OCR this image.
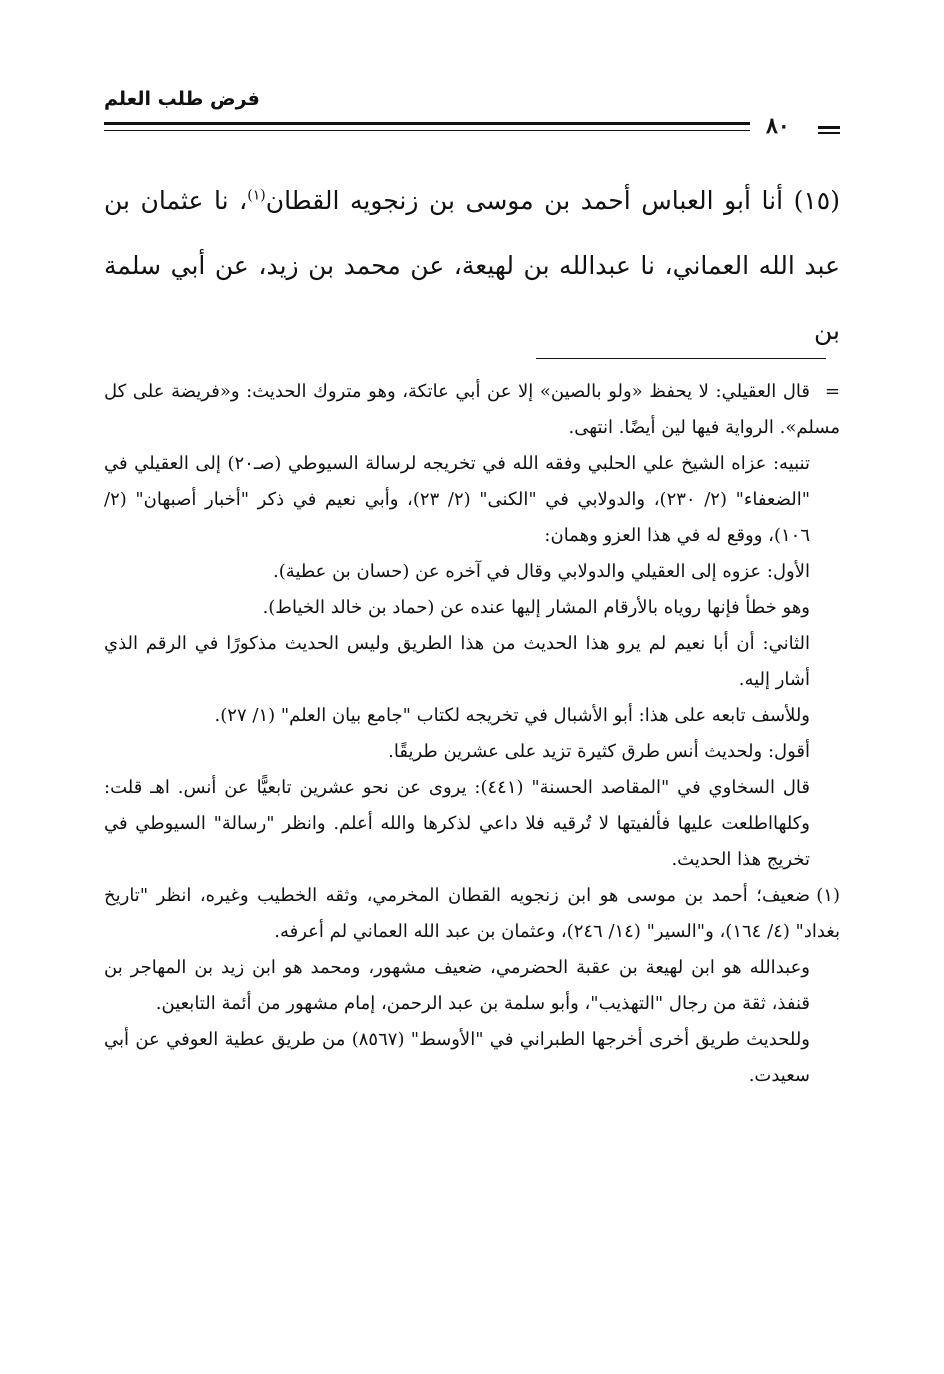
فرض طلب العلم
٨٠

(١٥) أنا أبو العباس أحمد بن موسى بن زنجويه القطان$^{(١)}$، نا عثمان بن

عبد الله العماني، نا عبدالله بن لهيعة، عن محمد بن زيد، عن أبي سلمة بن

=قال العقيلي: لا يحفظ «ولو بالصين» إلا عن أبي عاتكة، وهو متروك الحديث: و«فريضة على كل مسلم». الرواية فيها لين أيضًا. انتهى.

تنبيه: عزاه الشيخ علي الحلبي وفقه الله في تخريجه لرسالة السيوطي (صـ٢٠) إلى العقيلي في "الضعفاء" (٢/ ٢٣٠)، والدولابي في "الكنى" (٢/ ٢٣)، وأبي نعيم في ذكر "أخبار أصبهان" (٢/ ١٠٦)، ووقع له في هذا العزو وهمان:

الأول: عزوه إلى العقيلي والدولابي وقال في آخره عن (حسان بن عطية).

وهو خطأ فإنها روياه بالأرقام المشار إليها عنده عن (حماد بن خالد الخياط).

الثاني: أن أبا نعيم لم يرو هذا الحديث من هذا الطريق وليس الحديث مذكورًا في الرقم الذي أشار إليه.

وللأسف تابعه على هذا: أبو الأشبال في تخريجه لكتاب "جامع بيان العلم" (١/ ٢٧).

أقول: ولحديث أنس طرق كثيرة تزيد على عشرين طريقًا.

قال السخاوي في "المقاصد الحسنة" (٤٤١): يروى عن نحو عشرين تابعيًّا عن أنس. اهـ قلت: وكلهااطلعت عليها فألفيتها لا تُرقيه فلا داعي لذكرها والله أعلم. وانظر "رسالة" السيوطي في تخريج هذا الحديث.

(١)ضعيف؛ أحمد بن موسى هو ابن زنجويه القطان المخرمي، وثقه الخطيب وغيره، انظر "تاريخ بغداد" (٤/ ١٦٤)، و"السير" (١٤/ ٢٤٦)، وعثمان بن عبد الله العماني لم أعرفه.

وعبدالله هو ابن لهيعة بن عقبة الحضرمي، ضعيف مشهور، ومحمد هو ابن زيد بن المهاجر بن قنفذ، ثقة من رجال "التهذيب"، وأبو سلمة بن عبد الرحمن، إمام مشهور من أئمة التابعين.

وللحديث طريق أخرى أخرجها الطبراني في "الأوسط" (٨٥٦٧) من طريق عطية العوفي عن أبي سعيدت.
